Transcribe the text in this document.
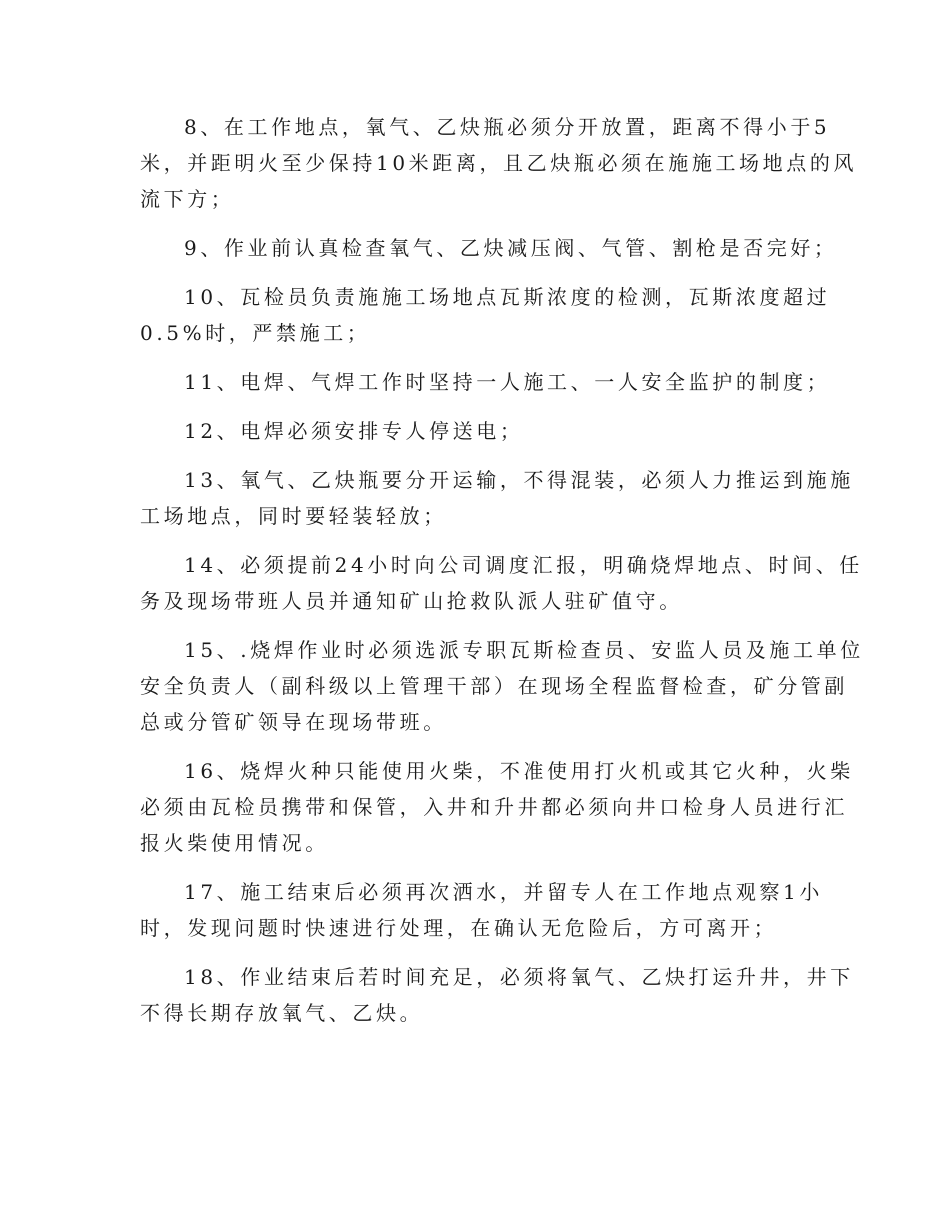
8、在工作地点，氧气、乙炔瓶必须分开放置，距离不得小于5
米，并距明火至少保持10米距离，且乙炔瓶必须在施施工场地点的风
流下方；

9、作业前认真检查氧气、乙炔减压阀、气管、割枪是否完好；

10、瓦检员负责施施工场地点瓦斯浓度的检测，瓦斯浓度超过
0.5%时，严禁施工；

11、电焊、气焊工作时坚持一人施工、一人安全监护的制度；

12、电焊必须安排专人停送电；

13、氧气、乙炔瓶要分开运输，不得混装，必须人力推运到施施
工场地点，同时要轻装轻放；

14、必须提前24小时向公司调度汇报，明确烧焊地点、时间、任
务及现场带班人员并通知矿山抢救队派人驻矿值守。

15、.烧焊作业时必须选派专职瓦斯检查员、安监人员及施工单位
安全负责人（副科级以上管理干部）在现场全程监督检查，矿分管副
总或分管矿领导在现场带班。

16、烧焊火种只能使用火柴，不准使用打火机或其它火种，火柴
必须由瓦检员携带和保管，入井和升井都必须向井口检身人员进行汇
报火柴使用情况。

17、施工结束后必须再次洒水，并留专人在工作地点观察1小
时，发现问题时快速进行处理，在确认无危险后，方可离开；

18、作业结束后若时间充足，必须将氧气、乙炔打运升井，井下
不得长期存放氧气、乙炔。
